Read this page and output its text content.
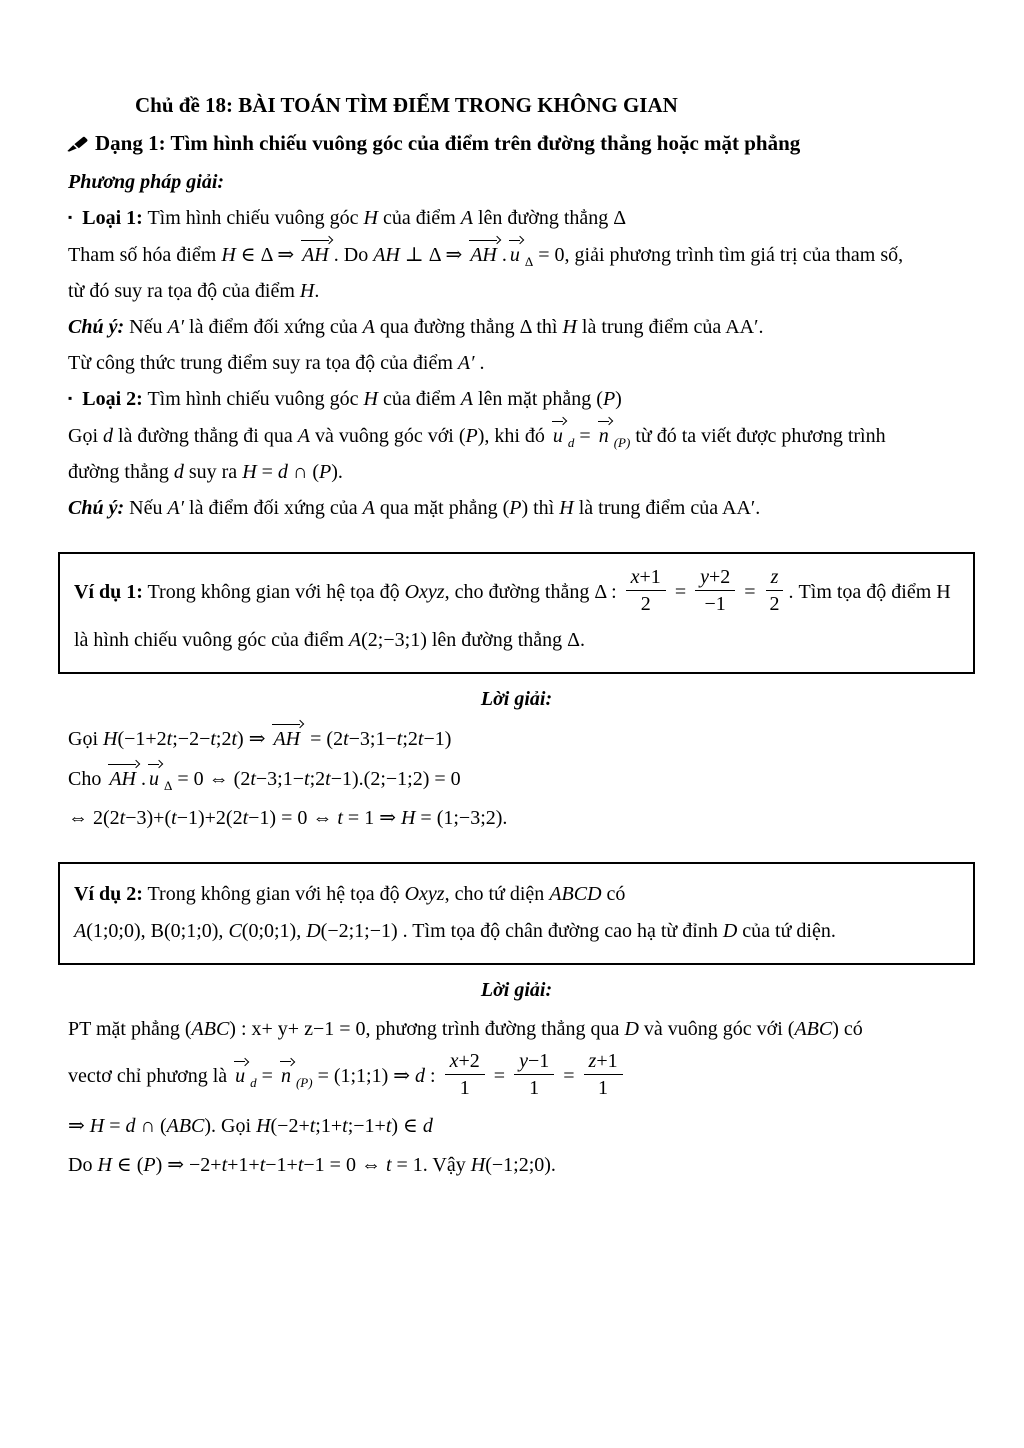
Chủ đề 18: BÀI TOÁN TÌM ĐIỂM TRONG KHÔNG GIAN
Dạng 1: Tìm hình chiếu vuông góc của điểm trên đường thẳng hoặc mặt phẳng
Phương pháp giải:
▪ Loại 1: Tìm hình chiếu vuông góc H của điểm A lên đường thẳng Δ
Tham số hóa điểm H ∈ Δ ⇒ AH . Do AH ⊥ Δ ⇒ AH . u $_\Delta$ = 0, giải phương trình tìm giá trị của tham số,
từ đó suy ra tọa độ của điểm H.
Chú ý: Nếu A′ là điểm đối xứng của A qua đường thẳng Δ thì H là trung điểm của AA′.
Từ công thức trung điểm suy ra tọa độ của điểm A′ .
▪ Loại 2: Tìm hình chiếu vuông góc H của điểm A lên mặt phẳng (P)
Gọi d là đường thẳng đi qua A và vuông góc với (P), khi đó u $_d$ = n $_{(P)}$ từ đó ta viết được phương trình
đường thẳng d suy ra H = d ∩ (P).
Chú ý: Nếu A′ là điểm đối xứng của A qua mặt phẳng (P) thì H là trung điểm của AA′.
Ví dụ 1: Trong không gian với hệ tọa độ Oxyz, cho đường thẳng Δ : $\frac{x+1}{2} = \frac{y+2}{-1} = \frac{z}{2}$ . Tìm tọa độ điểm H
là hình chiếu vuông góc của điểm A(2;−3;1) lên đường thẳng Δ.
Lời giải:
Gọi H(−1+2t;−2−t;2t) ⇒ AH = (2t−3;1−t;2t−1)
Cho AH . u $_\Delta$ = 0 ⇔ (2t−3;1−t;2t−1).(2;−1;2) = 0
⇔ 2(2t−3)+(t−1)+2(2t−1) = 0 ⇔ t = 1 ⇒ H = (1;−3;2).
Ví dụ 2: Trong không gian với hệ tọa độ Oxyz, cho tứ diện ABCD có
A(1;0;0), B(0;1;0), C(0;0;1), D(−2;1;−1) . Tìm tọa độ chân đường cao hạ từ đỉnh D của tứ diện.
Lời giải:
PT mặt phẳng (ABC) : x+ y+ z−1 = 0, phương trình đường thẳng qua D và vuông góc với (ABC) có
vectơ chỉ phương là u $_d$ = n $_{(P)}$ = (1;1;1) ⇒ d : $\frac{x+2}{1} = \frac{y-1}{1} = \frac{z+1}{1}$
⇒ H = d ∩ (ABC). Gọi H(−2+t;1+t;−1+t) ∈ d
Do H ∈ (P) ⇒ −2+t+1+t−1+t−1 = 0 ⇔ t = 1. Vậy H(−1;2;0).
